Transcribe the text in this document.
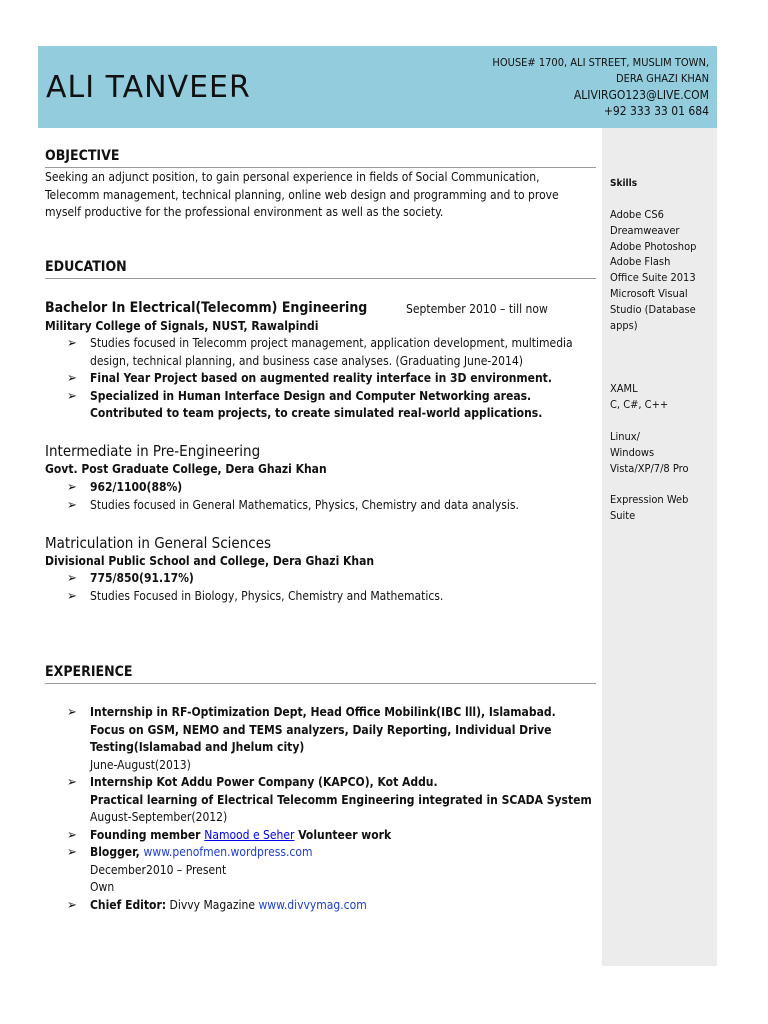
ALI TANVEER
HOUSE# 1700, ALI STREET, MUSLIM TOWN,
DERA GHAZI KHAN
ALIVIRGO123@LIVE.COM
+92 333 33 01 684
Skills
Adobe CS6
Dreamweaver
Adobe Photoshop
Adobe Flash
Office Suite 2013
Microsoft Visual
Studio (Database
apps)
XAML
C, C#, C++
Linux/
Windows
Vista/XP/7/8 Pro
Expression Web
Suite
OBJECTIVE
Seeking an adjunct position, to gain personal experience in fields of Social Communication, Telecomm management, technical planning, online web design and programming and to prove myself productive for the professional environment as well as the society.
EDUCATION
Bachelor In Electrical(Telecomm) Engineering	September 2010 – till now
Military College of Signals, NUST, Rawalpindi
➢ Studies focused in Telecomm project management, application development, multimedia design, technical planning, and business case analyses. (Graduating June-2014)
➢ Final Year Project based on augmented reality interface in 3D environment.
➢ Specialized in Human Interface Design and Computer Networking areas. Contributed to team projects, to create simulated real-world applications.
Intermediate in Pre-Engineering
Govt. Post Graduate College, Dera Ghazi Khan
➢ 962/1100(88%)
➢ Studies focused in General Mathematics, Physics, Chemistry and data analysis.
Matriculation in General Sciences
Divisional Public School and College, Dera Ghazi Khan
➢ 775/850(91.17%)
➢ Studies Focused in Biology, Physics, Chemistry and Mathematics.
EXPERIENCE
➢ Internship in RF-Optimization Dept, Head Office Mobilink(IBC lll), Islamabad.
Focus on GSM, NEMO and TEMS analyzers, Daily Reporting, Individual Drive Testing(Islamabad and Jhelum city)
June-August(2013)
➢ Internship Kot Addu Power Company (KAPCO), Kot Addu.
Practical learning of Electrical Telecomm Engineering integrated in SCADA System
August-September(2012)
➢ Founding member Namood e Seher Volunteer work
➢ Blogger, www.penofmen.wordpress.com
December2010 – Present
Own
➢ Chief Editor: Divvy Magazine www.divvymag.com
